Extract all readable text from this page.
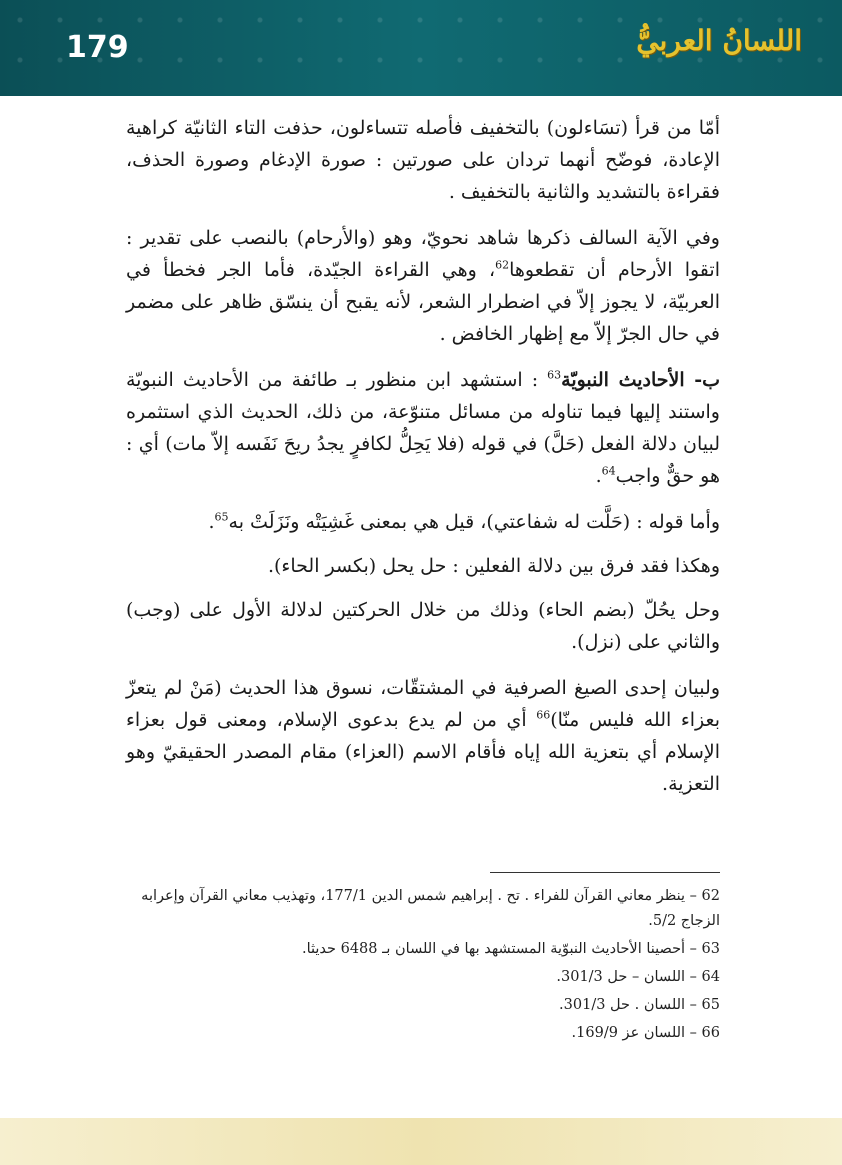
179	اللسانُ العربيُّ

أمّا من قرأ (تسَاءلون) بالتخفيف فأصله تتساءلون، حذفت التاء الثانيّة كراهية الإعادة، فوضّح أنهما تردان على صورتين : صورة الإدغام وصورة الحذف، فقراءة بالتشديد والثانية بالتخفيف .

وفي الآية السالف ذكرها شاهد نحويّ، وهو (والأرحام) بالنصب على تقدير : اتقوا الأرحام أن تقطعوها$^{62}$، وهي القراءة الجيّدة، فأما الجر فخطأ في العربيّة، لا يجوز إلاّ في اضطرار الشعر، لأنه يقبح أن ينسّق ظاهر على مضمر في حال الجرّ إلاّ مع إظهار الخافض .

ب- الأحاديث النبويّة$^{63}$ : استشهد ابن منظور بـ طائفة من الأحاديث النبويّة واستند إليها فيما تناوله من مسائل متنوّعة، من ذلك، الحديث الذي استثمره لبيان دلالة الفعل (حَلَّ) في قوله (فلا يَحِلُّ لكافرٍ يجدُ ريحَ نَفَسه إلاّ مات) أي : هو حقٌّ واجب$^{64}$.

وأما قوله : (حَلَّت له شفاعتي)، قيل هي بمعنى غَشِيَتْه ونَزَلَتْ به$^{65}$.

وهكذا فقد فرق بين دلالة الفعلين : حل يحل (بكسر الحاء).

وحل يحُلّ (بضم الحاء) وذلك من خلال الحركتين لدلالة الأول على (وجب) والثاني على (نزل).

ولبيان إحدى الصيغ الصرفية في المشتقّات، نسوق هذا الحديث (مَنْ لم يتعزّ بعزاء الله فليس منّا)$^{66}$ أي من لم يدع بدعوى الإسلام، ومعنى قول بعزاء الإسلام أي بتعزية الله إياه فأقام الاسم (العزاء) مقام المصدر الحقيقيّ وهو التعزية.

62 – ينظر معاني القرآن للفراء . تح . إبراهيم شمس الدين 177/1، وتهذيب معاني القرآن وإعرابه الزجاج 5/2.

63 – أحصينا الأحاديث النبوّية المستشهد بها في اللسان بـ 6488 حديثا.

64 – اللسان – حل 301/3.

65 – اللسان . حل 301/3.

66 – اللسان عز 169/9.
